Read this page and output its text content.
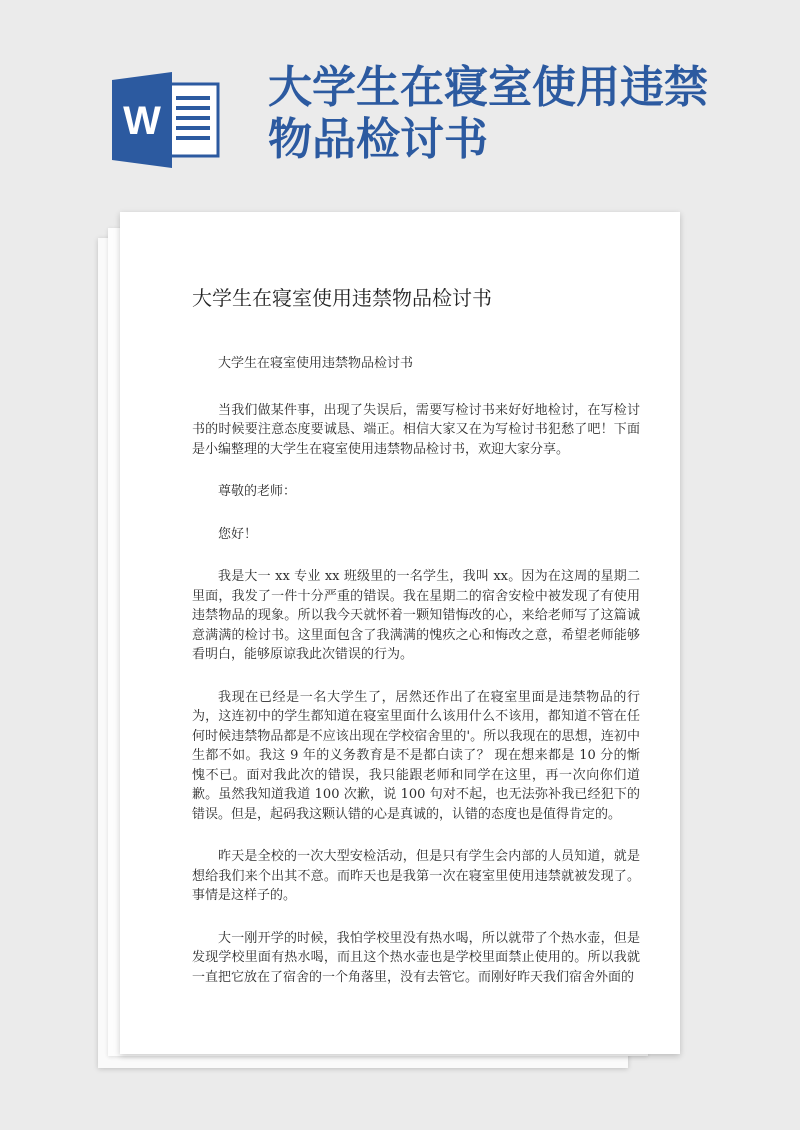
W
大学生在寝室使用违禁物品检讨书
大学生在寝室使用违禁物品检讨书

大学生在寝室使用违禁物品检讨书

当我们做某件事，出现了失误后，需要写检讨书来好好地检讨，在写检讨书的时候要注意态度要诚恳、端正。相信大家又在为写检讨书犯愁了吧！下面是小编整理的大学生在寝室使用违禁物品检讨书，欢迎大家分享。

尊敬的老师：

您好！

我是大一 xx 专业 xx 班级里的一名学生，我叫 xx。因为在这周的星期二里面，我发了一件十分严重的错误。我在星期二的宿舍安检中被发现了有使用违禁物品的现象。所以我今天就怀着一颗知错悔改的心，来给老师写了这篇诚意满满的检讨书。这里面包含了我满满的愧疚之心和悔改之意，希望老师能够看明白，能够原谅我此次错误的行为。

我现在已经是一名大学生了，居然还作出了在寝室里面是违禁物品的行为，这连初中的学生都知道在寝室里面什么该用什么不该用，都知道不管在任何时候违禁物品都是不应该出现在学校宿舍里的'。所以我现在的思想，连初中生都不如。我这 9 年的义务教育是不是都白读了？ 现在想来都是 10 分的惭愧不已。面对我此次的错误，我只能跟老师和同学在这里，再一次向你们道歉。虽然我知道我道 100 次歉，说 100 句对不起，也无法弥补我已经犯下的错误。但是，起码我这颗认错的心是真诚的，认错的态度也是值得肯定的。

昨天是全校的一次大型安检活动，但是只有学生会内部的人员知道，就是想给我们来个出其不意。而昨天也是我第一次在寝室里使用违禁就被发现了。事情是这样子的。

大一刚开学的时候，我怕学校里没有热水喝，所以就带了个热水壶，但是发现学校里面有热水喝，而且这个热水壶也是学校里面禁止使用的。所以我就一直把它放在了宿舍的一个角落里，没有去管它。而刚好昨天我们宿舍外面的
